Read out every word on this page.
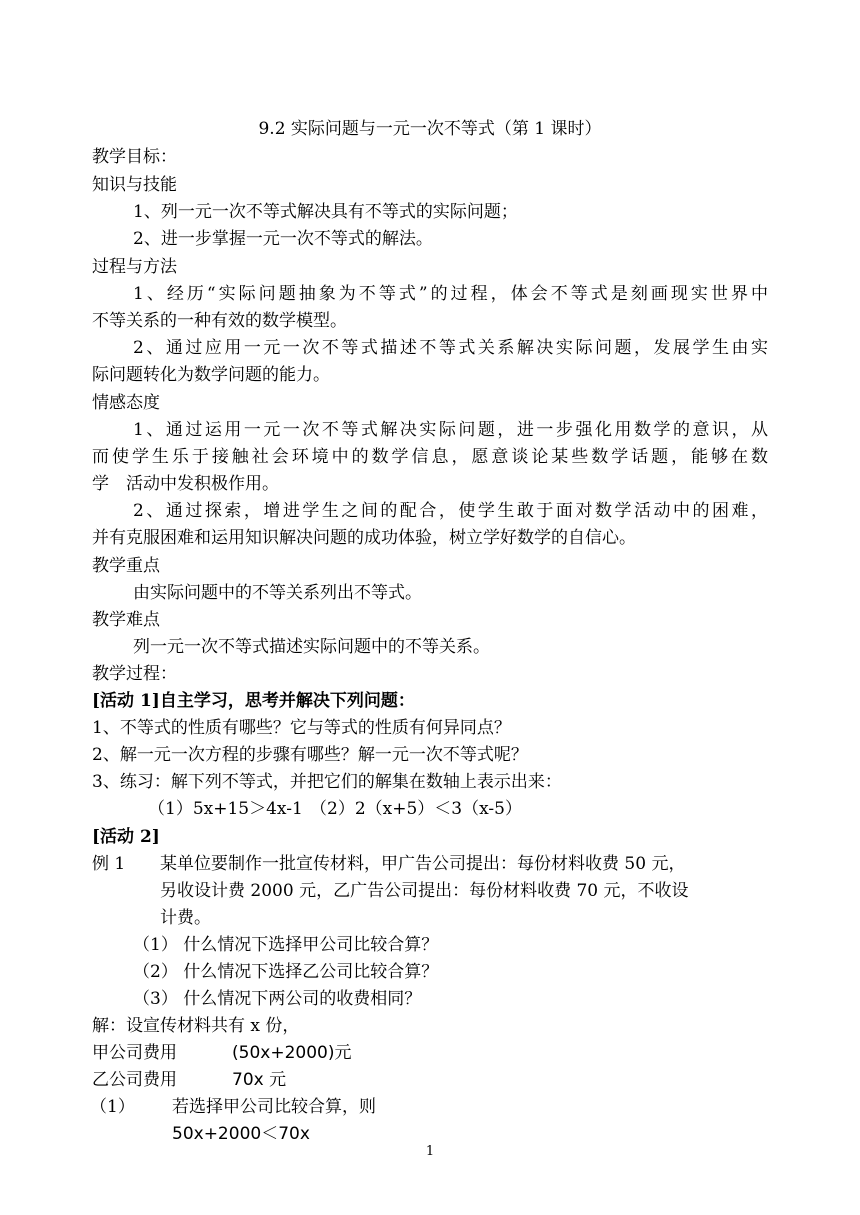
9.2 实际问题与一元一次不等式（第 1 课时）
教学目标：
知识与技能
1、列一元一次不等式解决具有不等式的实际问题；
2、进一步掌握一元一次不等式的解法。
过程与方法
1、经历“实际问题抽象为不等式”的过程，体会不等式是刻画现实世界中
不等关系的一种有效的数学模型。
2、通过应用一元一次不等式描述不等式关系解决实际问题，发展学生由实
际问题转化为数学问题的能力。
情感态度
1、通过运用一元一次不等式解决实际问题，进一步强化用数学的意识，从
而使学生乐于接触社会环境中的数学信息，愿意谈论某些数学话题，能够在数
学　活动中发积极作用。
2、通过探索，增进学生之间的配合，使学生敢于面对数学活动中的困难，
并有克服困难和运用知识解决问题的成功体验，树立学好数学的自信心。
教学重点
由实际问题中的不等关系列出不等式。
教学难点
列一元一次不等式描述实际问题中的不等关系。
教学过程：
[活动 1]自主学习，思考并解决下列问题：
1、不等式的性质有哪些？它与等式的性质有何异同点？
2、解一元一次方程的步骤有哪些？解一元一次不等式呢？
3、练习：解下列不等式，并把它们的解集在数轴上表示出来：
（1）5x+15＞4x-1 （2）2（x+5）＜3（x-5）
[活动 2]
例 1 某单位要制作一批宣传材料，甲广告公司提出：每份材料收费 50 元，
另收设计费 2000 元，乙广告公司提出：每份材料收费 70 元，不收设
计费。
（1） 什么情况下选择甲公司比较合算？
（2） 什么情况下选择乙公司比较合算？
（3） 什么情况下两公司的收费相同？
解：设宣传材料共有 x 份，
甲公司费用	(50x+2000)元
乙公司费用	70x 元
（1） 若选择甲公司比较合算，则
50x+2000＜70x
1
